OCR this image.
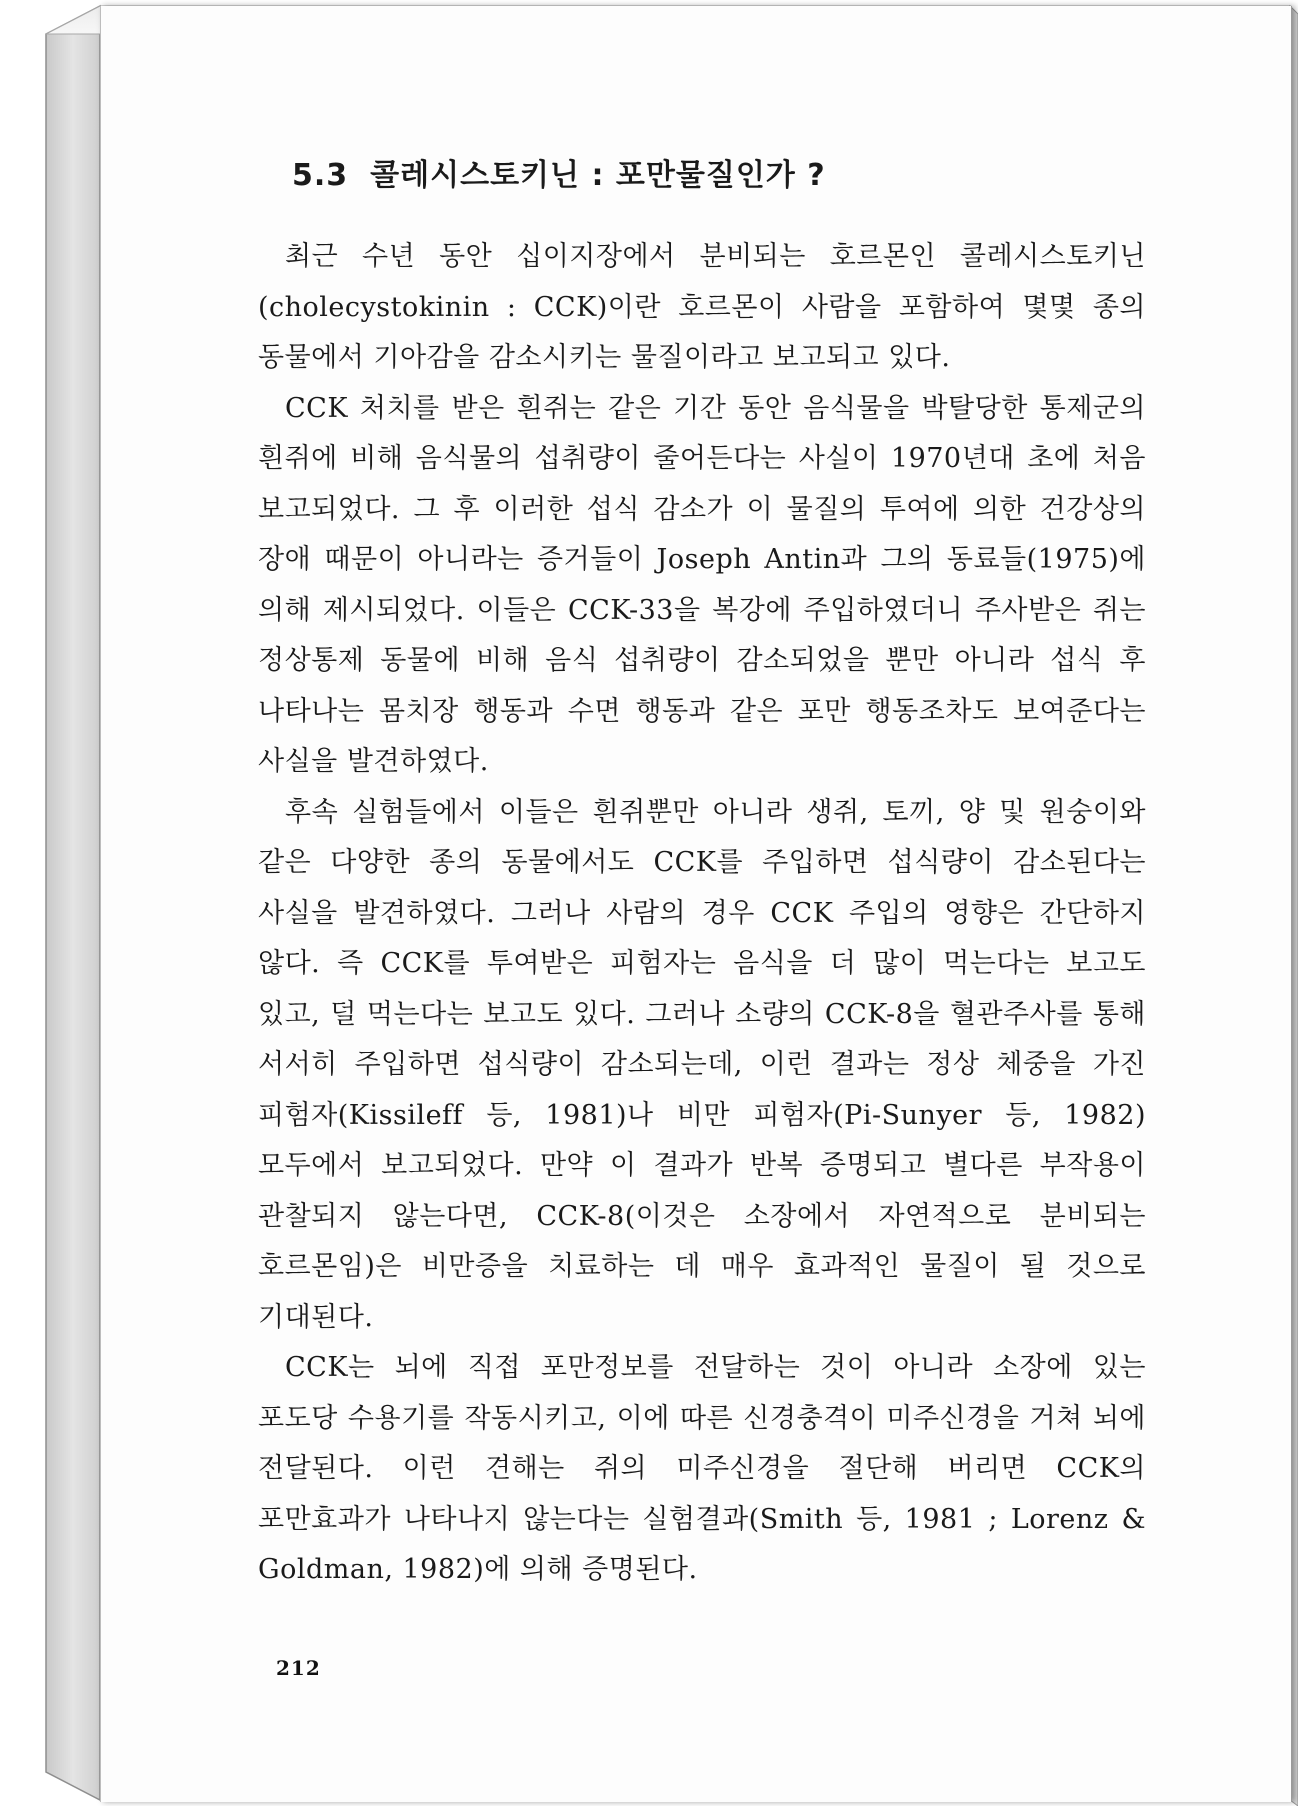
5.3 콜레시스토키닌 : 포만물질인가 ?

최근 수년 동안 십이지장에서 분비되는 호르몬인 콜레시스토키닌 (cholecystokinin : CCK)이란 호르몬이 사람을 포함하여 몇몇 종의 동물에서 기아감을 감소시키는 물질이라고 보고되고 있다.

CCK 처치를 받은 흰쥐는 같은 기간 동안 음식물을 박탈당한 통제군의 흰쥐에 비해 음식물의 섭취량이 줄어든다는 사실이 1970년대 초에 처음 보고되었다. 그 후 이러한 섭식 감소가 이 물질의 투여에 의한 건강상의 장애 때문이 아니라는 증거들이 Joseph Antin과 그의 동료들(1975)에 의해 제시되었다. 이들은 CCK-33을 복강에 주입하였더니 주사받은 쥐는 정상통제 동물에 비해 음식 섭취량이 감소되었을 뿐만 아니라 섭식 후 나타나는 몸치장 행동과 수면 행동과 같은 포만 행동조차도 보여준다는 사실을 발견하였다.

후속 실험들에서 이들은 흰쥐뿐만 아니라 생쥐, 토끼, 양 및 원숭이와 같은 다양한 종의 동물에서도 CCK를 주입하면 섭식량이 감소된다는 사실을 발견하였다. 그러나 사람의 경우 CCK 주입의 영향은 간단하지 않다. 즉 CCK를 투여받은 피험자는 음식을 더 많이 먹는다는 보고도 있고, 덜 먹는다는 보고도 있다. 그러나 소량의 CCK-8을 혈관주사를 통해 서서히 주입하면 섭식량이 감소되는데, 이런 결과는 정상 체중을 가진 피험자(Kissileff 등, 1981)나 비만 피험자(Pi-Sunyer 등, 1982) 모두에서 보고되었다. 만약 이 결과가 반복 증명되고 별다른 부작용이 관찰되지 않는다면, CCK-8(이것은 소장에서 자연적으로 분비되는 호르몬임)은 비만증을 치료하는 데 매우 효과적인 물질이 될 것으로 기대된다.

CCK는 뇌에 직접 포만정보를 전달하는 것이 아니라 소장에 있는 포도당 수용기를 작동시키고, 이에 따른 신경충격이 미주신경을 거쳐 뇌에 전달된다. 이런 견해는 쥐의 미주신경을 절단해 버리면 CCK의 포만효과가 나타나지 않는다는 실험결과(Smith 등, 1981 ; Lorenz & Goldman, 1982)에 의해 증명된다.

212
